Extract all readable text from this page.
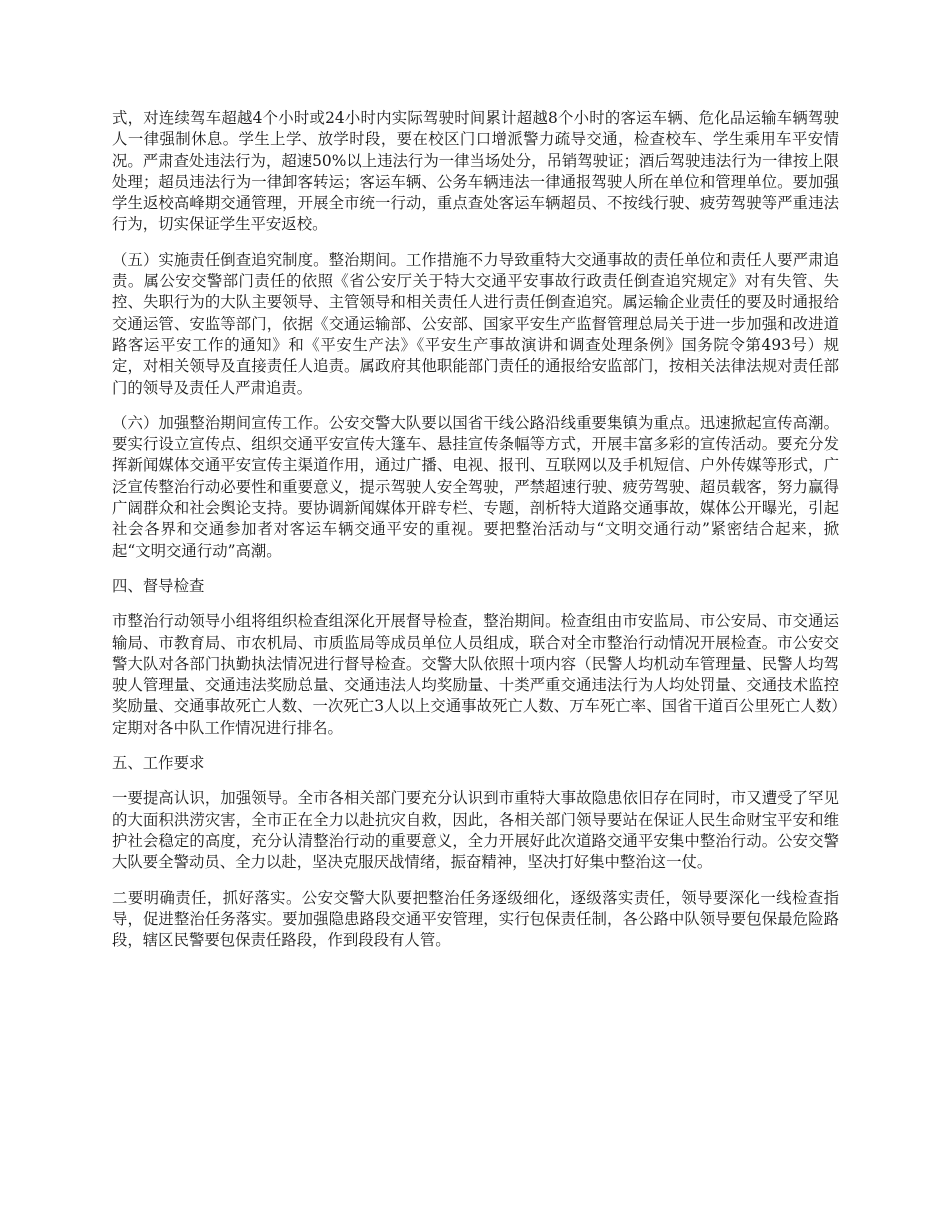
式，对连续驾车超越4个小时或24小时内实际驾驶时间累计超越8个小时的客运车辆、危化品运输车辆驾驶人一律强制休息。学生上学、放学时段，要在校区门口增派警力疏导交通，检查校车、学生乘用车平安情况。严肃查处违法行为，超速50%以上违法行为一律当场处分，吊销驾驶证；酒后驾驶违法行为一律按上限处理；超员违法行为一律卸客转运；客运车辆、公务车辆违法一律通报驾驶人所在单位和管理单位。要加强学生返校高峰期交通管理，开展全市统一行动，重点查处客运车辆超员、不按线行驶、疲劳驾驶等严重违法行为，切实保证学生平安返校。

（五）实施责任倒查追究制度。整治期间。工作措施不力导致重特大交通事故的责任单位和责任人要严肃追责。属公安交警部门责任的依照《省公安厅关于特大交通平安事故行政责任倒查追究规定》对有失管、失控、失职行为的大队主要领导、主管领导和相关责任人进行责任倒查追究。属运输企业责任的要及时通报给交通运管、安监等部门，依据《交通运输部、公安部、国家平安生产监督管理总局关于进一步加强和改进道路客运平安工作的通知》和《平安生产法》《平安生产事故演讲和调查处理条例》国务院令第493号）规定，对相关领导及直接责任人追责。属政府其他职能部门责任的通报给安监部门，按相关法律法规对责任部门的领导及责任人严肃追责。

（六）加强整治期间宣传工作。公安交警大队要以国省干线公路沿线重要集镇为重点。迅速掀起宣传高潮。要实行设立宣传点、组织交通平安宣传大篷车、悬挂宣传条幅等方式，开展丰富多彩的宣传活动。要充分发挥新闻媒体交通平安宣传主渠道作用，通过广播、电视、报刊、互联网以及手机短信、户外传媒等形式，广泛宣传整治行动必要性和重要意义，提示驾驶人安全驾驶，严禁超速行驶、疲劳驾驶、超员载客，努力赢得广阔群众和社会舆论支持。要协调新闻媒体开辟专栏、专题，剖析特大道路交通事故，媒体公开曝光，引起社会各界和交通参加者对客运车辆交通平安的重视。要把整治活动与“文明交通行动”紧密结合起来，掀起“文明交通行动”高潮。

四、督导检查

市整治行动领导小组将组织检查组深化开展督导检查，整治期间。检查组由市安监局、市公安局、市交通运输局、市教育局、市农机局、市质监局等成员单位人员组成，联合对全市整治行动情况开展检查。市公安交警大队对各部门执勤执法情况进行督导检查。交警大队依照十项内容（民警人均机动车管理量、民警人均驾驶人管理量、交通违法奖励总量、交通违法人均奖励量、十类严重交通违法行为人均处罚量、交通技术监控奖励量、交通事故死亡人数、一次死亡3人以上交通事故死亡人数、万车死亡率、国省干道百公里死亡人数）定期对各中队工作情况进行排名。

五、工作要求

一要提高认识，加强领导。全市各相关部门要充分认识到市重特大事故隐患依旧存在同时，市又遭受了罕见的大面积洪涝灾害，全市正在全力以赴抗灾自救，因此，各相关部门领导要站在保证人民生命财宝平安和维护社会稳定的高度，充分认清整治行动的重要意义，全力开展好此次道路交通平安集中整治行动。公安交警大队要全警动员、全力以赴，坚决克服厌战情绪，振奋精神，坚决打好集中整治这一仗。

二要明确责任，抓好落实。公安交警大队要把整治任务逐级细化，逐级落实责任，领导要深化一线检查指导，促进整治任务落实。要加强隐患路段交通平安管理，实行包保责任制，各公路中队领导要包保最危险路段，辖区民警要包保责任路段，作到段段有人管。
